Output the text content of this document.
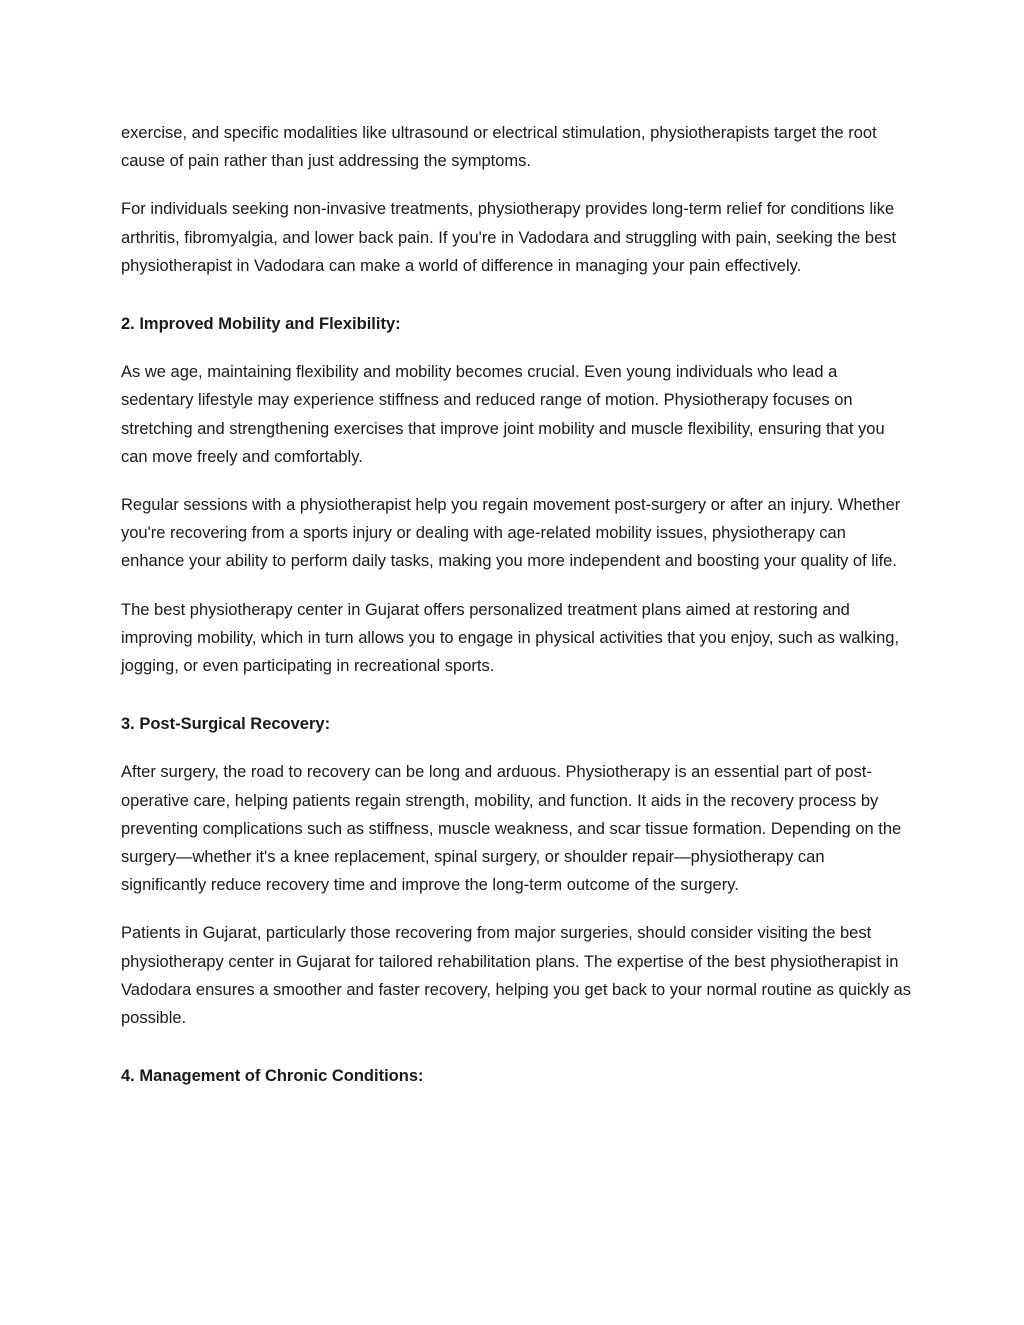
exercise, and specific modalities like ultrasound or electrical stimulation, physiotherapists target the root cause of pain rather than just addressing the symptoms.

For individuals seeking non-invasive treatments, physiotherapy provides long-term relief for conditions like arthritis, fibromyalgia, and lower back pain. If you're in Vadodara and struggling with pain, seeking the best physiotherapist in Vadodara can make a world of difference in managing your pain effectively.

2. Improved Mobility and Flexibility:

As we age, maintaining flexibility and mobility becomes crucial. Even young individuals who lead a sedentary lifestyle may experience stiffness and reduced range of motion. Physiotherapy focuses on stretching and strengthening exercises that improve joint mobility and muscle flexibility, ensuring that you can move freely and comfortably.

Regular sessions with a physiotherapist help you regain movement post-surgery or after an injury. Whether you're recovering from a sports injury or dealing with age-related mobility issues, physiotherapy can enhance your ability to perform daily tasks, making you more independent and boosting your quality of life.

The best physiotherapy center in Gujarat offers personalized treatment plans aimed at restoring and improving mobility, which in turn allows you to engage in physical activities that you enjoy, such as walking, jogging, or even participating in recreational sports.

3. Post-Surgical Recovery:

After surgery, the road to recovery can be long and arduous. Physiotherapy is an essential part of post-operative care, helping patients regain strength, mobility, and function. It aids in the recovery process by preventing complications such as stiffness, muscle weakness, and scar tissue formation. Depending on the surgery—whether it's a knee replacement, spinal surgery, or shoulder repair—physiotherapy can significantly reduce recovery time and improve the long-term outcome of the surgery.

Patients in Gujarat, particularly those recovering from major surgeries, should consider visiting the best physiotherapy center in Gujarat for tailored rehabilitation plans. The expertise of the best physiotherapist in Vadodara ensures a smoother and faster recovery, helping you get back to your normal routine as quickly as possible.

4. Management of Chronic Conditions:
